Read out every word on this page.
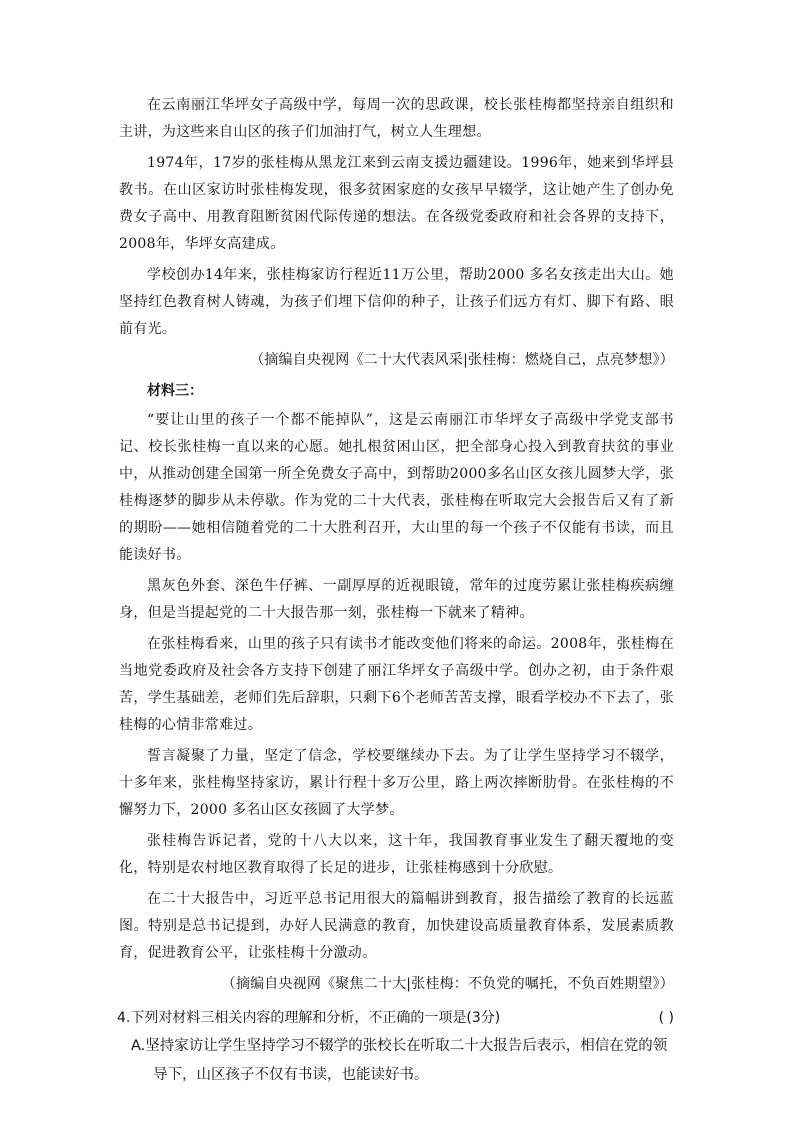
在云南丽江华坪女子高级中学，每周一次的思政课，校长张桂梅都坚持亲自组织和主讲，为这些来自山区的孩子们加油打气，树立人生理想。

1974年，17岁的张桂梅从黑龙江来到云南支援边疆建设。1996年，她来到华坪县教书。在山区家访时张桂梅发现，很多贫困家庭的女孩早早辍学，这让她产生了创办免费女子高中、用教育阻断贫困代际传递的想法。在各级党委政府和社会各界的支持下，2008年，华坪女高建成。

学校创办14年来，张桂梅家访行程近11万公里，帮助2000 多名女孩走出大山。她坚持红色教育树人铸魂，为孩子们埋下信仰的种子，让孩子们远方有灯、脚下有路、眼前有光。

（摘编自央视网《二十大代表风采|张桂梅：燃烧自己，点亮梦想》）

材料三：

“要让山里的孩子一个都不能掉队”，这是云南丽江市华坪女子高级中学党支部书记、校长张桂梅一直以来的心愿。她扎根贫困山区，把全部身心投入到教育扶贫的事业中，从推动创建全国第一所全免费女子高中，到帮助2000多名山区女孩儿圆梦大学，张桂梅逐梦的脚步从未停歇。作为党的二十大代表，张桂梅在听取完大会报告后又有了新的期盼——她相信随着党的二十大胜利召开，大山里的每一个孩子不仅能有书读，而且能读好书。

黑灰色外套、深色牛仔裤、一副厚厚的近视眼镜，常年的过度劳累让张桂梅疾病缠身，但是当提起党的二十大报告那一刻，张桂梅一下就来了精神。

在张桂梅看来，山里的孩子只有读书才能改变他们将来的命运。2008年，张桂梅在当地党委政府及社会各方支持下创建了丽江华坪女子高级中学。创办之初，由于条件艰苦，学生基础差，老师们先后辞职，只剩下6个老师苦苦支撑，眼看学校办不下去了，张桂梅的心情非常难过。

誓言凝聚了力量，坚定了信念，学校要继续办下去。为了让学生坚持学习不辍学，十多年来，张桂梅坚持家访，累计行程十多万公里，路上两次摔断肋骨。在张桂梅的不懈努力下，2000 多名山区女孩圆了大学梦。

张桂梅告诉记者，党的十八大以来，这十年，我国教育事业发生了翻天覆地的变化，特别是农村地区教育取得了长足的进步，让张桂梅感到十分欣慰。

在二十大报告中，习近平总书记用很大的篇幅讲到教育，报告描绘了教育的长远蓝图。特别是总书记提到，办好人民满意的教育，加快建设高质量教育体系，发展素质教育，促进教育公平，让张桂梅十分激动。

（摘编自央视网《聚焦二十大|张桂梅：不负党的嘱托，不负百姓期望》）

4.下列对材料三相关内容的理解和分析，不正确的一项是(3分)	( )
A.坚持家访让学生坚持学习不辍学的张校长在听取二十大报告后表示，相信在党的领导下，山区孩子不仅有书读，也能读好书。
